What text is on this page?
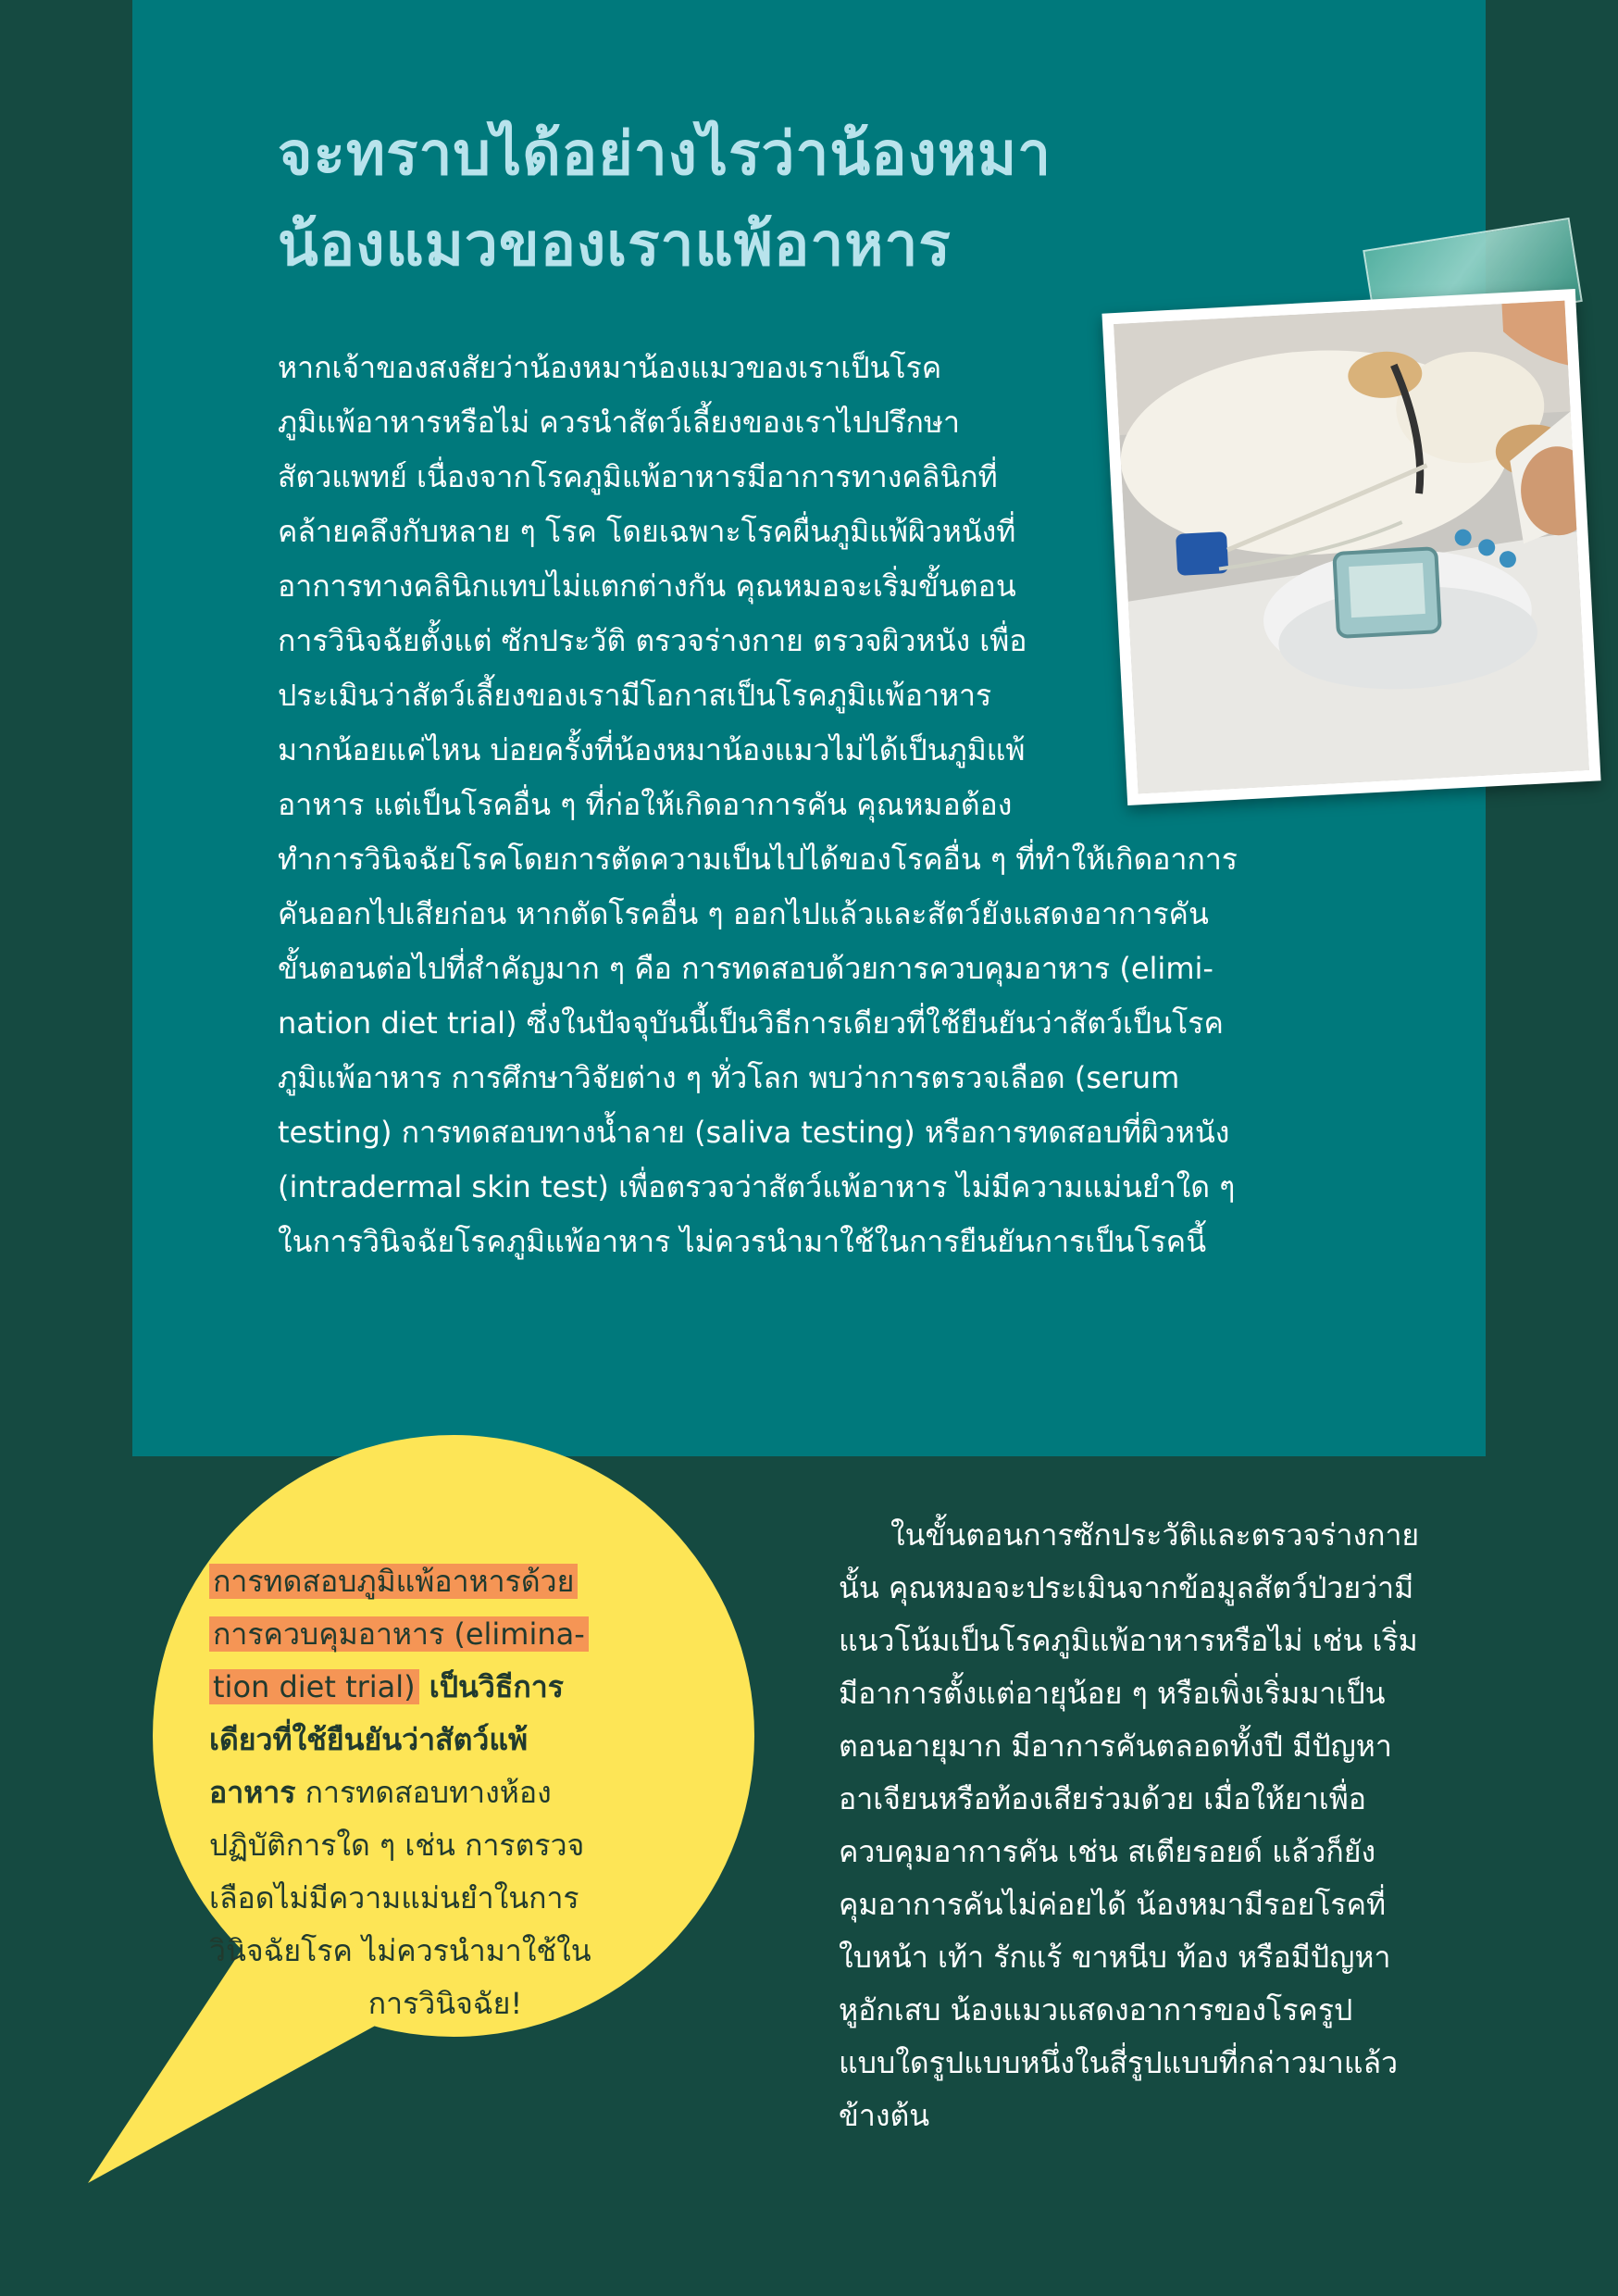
จะทราบได้อย่างไรว่าน้องหมา
น้องแมวของเราแพ้อาหาร

หากเจ้าของสงสัยว่าน้องหมาน้องแมวของเราเป็นโรค
ภูมิแพ้อาหารหรือไม่ ควรนำสัตว์เลี้ยงของเราไปปรึกษา
สัตวแพทย์ เนื่องจากโรคภูมิแพ้อาหารมีอาการทางคลินิกที่
คล้ายคลึงกับหลาย ๆ โรค โดยเฉพาะโรคผื่นภูมิแพ้ผิวหนังที่
อาการทางคลินิกแทบไม่แตกต่างกัน คุณหมอจะเริ่มขั้นตอน
การวินิจฉัยตั้งแต่ ซักประวัติ ตรวจร่างกาย ตรวจผิวหนัง เพื่อ
ประเมินว่าสัตว์เลี้ยงของเรามีโอกาสเป็นโรคภูมิแพ้อาหาร
มากน้อยแค่ไหน บ่อยครั้งที่น้องหมาน้องแมวไม่ได้เป็นภูมิแพ้
อาหาร แต่เป็นโรคอื่น ๆ ที่ก่อให้เกิดอาการคัน คุณหมอต้อง
ทำการวินิจฉัยโรคโดยการตัดความเป็นไปได้ของโรคอื่น ๆ ที่ทำให้เกิดอาการ
คันออกไปเสียก่อน หากตัดโรคอื่น ๆ ออกไปแล้วและสัตว์ยังแสดงอาการคัน
ขั้นตอนต่อไปที่สำคัญมาก ๆ คือ การทดสอบด้วยการควบคุมอาหาร (elimi-
nation diet trial) ซึ่งในปัจจุบันนี้เป็นวิธีการเดียวที่ใช้ยืนยันว่าสัตว์เป็นโรค
ภูมิแพ้อาหาร การศึกษาวิจัยต่าง ๆ ทั่วโลก พบว่าการตรวจเลือด (serum
testing) การทดสอบทางน้ำลาย (saliva testing) หรือการทดสอบที่ผิวหนัง
(intradermal skin test) เพื่อตรวจว่าสัตว์แพ้อาหาร ไม่มีความแม่นยำใด ๆ
ในการวินิจฉัยโรคภูมิแพ้อาหาร ไม่ควรนำมาใช้ในการยืนยันการเป็นโรคนี้

การทดสอบภูมิแพ้อาหารด้วย
การควบคุมอาหาร (elimina-
tion diet trial) เป็นวิธีการ
เดียวที่ใช้ยืนยันว่าสัตว์แพ้
อาหาร การทดสอบทางห้อง
ปฏิบัติการใด ๆ เช่น การตรวจ
เลือดไม่มีความแม่นยำในการ
วินิจฉัยโรค ไม่ควรนำมาใช้ใน
การวินิจฉัย!

ในขั้นตอนการซักประวัติและตรวจร่างกาย
นั้น คุณหมอจะประเมินจากข้อมูลสัตว์ป่วยว่ามี
แนวโน้มเป็นโรคภูมิแพ้อาหารหรือไม่ เช่น เริ่ม
มีอาการตั้งแต่อายุน้อย ๆ หรือเพิ่งเริ่มมาเป็น
ตอนอายุมาก มีอาการคันตลอดทั้งปี มีปัญหา
อาเจียนหรือท้องเสียร่วมด้วย เมื่อให้ยาเพื่อ
ควบคุมอาการคัน เช่น สเตียรอยด์ แล้วก็ยัง
คุมอาการคันไม่ค่อยได้ น้องหมามีรอยโรคที่
ใบหน้า เท้า รักแร้ ขาหนีบ ท้อง หรือมีปัญหา
หูอักเสบ น้องแมวแสดงอาการของโรครูป
แบบใดรูปแบบหนึ่งในสี่รูปแบบที่กล่าวมาแล้ว
ข้างต้น
